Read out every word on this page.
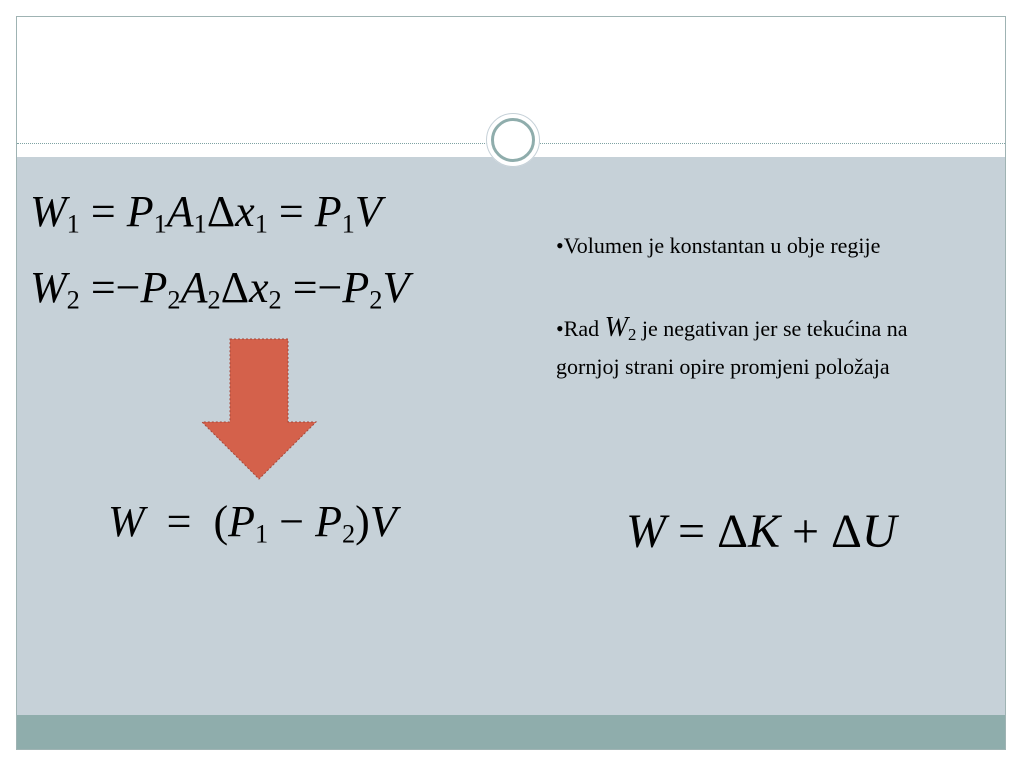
$W_1 = P_1A_1\Delta x_1 = P_1V$
$W_2 =-P_2A_2\Delta x_2 =-P_2V$
$W = (P_1 - P_2)V$	W = ΔK + ΔU

•Volumen je konstantan u obje regije

•Rad $W_2$ je negativan jer se tekućina na gornjoj strani opire promjeni položaja
